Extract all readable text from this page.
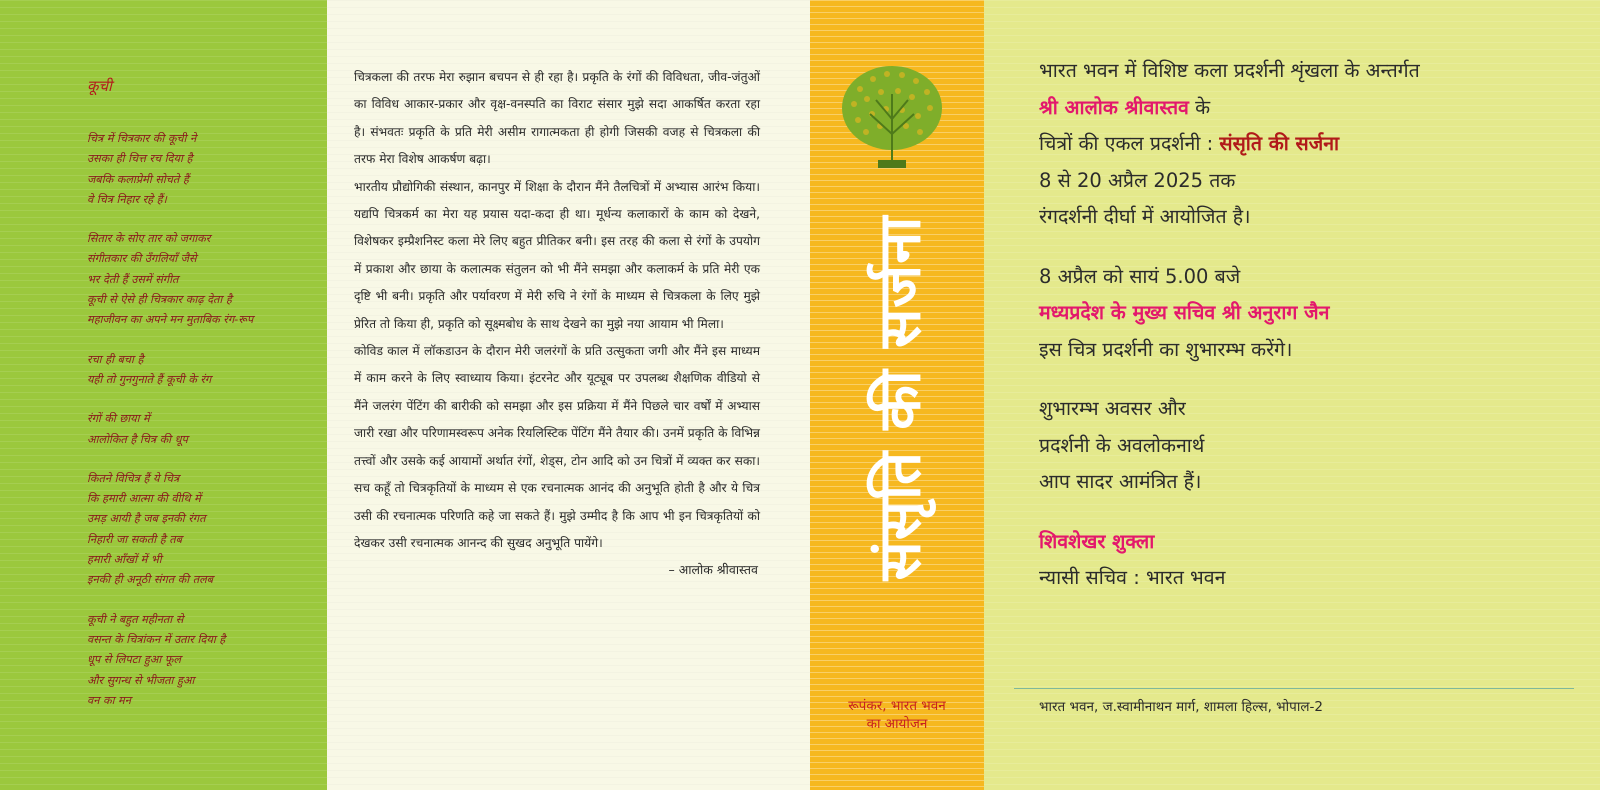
कूची
चित्र में चित्रकार की कूची ने
उसका ही चित्त रच दिया है
जबकि कलाप्रेमी सोचते हैं
वे चित्र निहार रहे हैं।
सितार के सोए तार को जगाकर
संगीतकार की उँगलियाँ जैसे
भर देती हैं उसमें संगीत
कूची से ऐसे ही चित्रकार काढ़ देता है
महाजीवन का अपने मन मुताबिक रंग-रूप
रचा ही बचा है
यही तो गुनगुनाते हैं कूची के रंग
रंगों की छाया में
आलोकित है चित्र की धूप
कितने विचित्र हैं ये चित्र
कि हमारी आत्मा की वीथि में
उमड़ आयी है जब इनकी रंगत
निहारी जा सकती है तब
हमारी आँखों में भी
इनकी ही अनूठी संगत की तलब
कूची ने बहुत महीनता से
वसन्त के चित्रांकन में उतार दिया है
धूप से लिपटा हुआ फूल
और सुगन्ध से भीजता हुआ
वन का मन

चित्रकला की तरफ मेरा रुझान बचपन से ही रहा है। प्रकृति के रंगों की विविधता, जीव-जंतुओं का विविध आकार-प्रकार और वृक्ष-वनस्पति का विराट संसार मुझे सदा आकर्षित करता रहा है। संभवतः प्रकृति के प्रति मेरी असीम रागात्मकता ही होगी जिसकी वजह से चित्रकला की तरफ मेरा विशेष आकर्षण बढ़ा।

भारतीय प्रौद्योगिकी संस्थान, कानपुर में शिक्षा के दौरान मैंने तैलचित्रों में अभ्यास आरंभ किया। यद्यपि चित्रकर्म का मेरा यह प्रयास यदा-कदा ही था। मूर्धन्य कलाकारों के काम को देखने, विशेषकर इम्प्रैशनिस्ट कला मेरे लिए बहुत प्रीतिकर बनी। इस तरह की कला से रंगों के उपयोग में प्रकाश और छाया के कलात्मक संतुलन को भी मैंने समझा और कलाकर्म के प्रति मेरी एक दृष्टि भी बनी। प्रकृति और पर्यावरण में मेरी रुचि ने रंगों के माध्यम से चित्रकला के लिए मुझे प्रेरित तो किया ही, प्रकृति को सूक्ष्मबोध के साथ देखने का मुझे नया आयाम भी मिला।

कोविड काल में लॉकडाउन के दौरान मेरी जलरंगों के प्रति उत्सुकता जगी और मैंने इस माध्यम में काम करने के लिए स्वाध्याय किया। इंटरनेट और यूट्यूब पर उपलब्ध शैक्षणिक वीडियो से मैंने जलरंग पेंटिंग की बारीकी को समझा और इस प्रक्रिया में मैंने पिछले चार वर्षों में अभ्यास जारी रखा और परिणामस्वरूप अनेक रियलिस्टिक पेंटिंग मैंने तैयार की। उनमें प्रकृति के विभिन्न तत्त्वों और उसके कई आयामों अर्थात रंगों, शेड्स, टोन आदि को उन चित्रों में व्यक्त कर सका। सच कहूँ तो चित्रकृतियों के माध्यम से एक रचनात्मक आनंद की अनुभूति होती है और ये चित्र उसी की रचनात्मक परिणति कहे जा सकते हैं। मुझे उम्मीद है कि आप भी इन चित्रकृतियों को देखकर उसी रचनात्मक आनन्द की सुखद अनुभूति पायेंगे।

– आलोक श्रीवास्तव संसृति की सर्जना
रूपंकर, भारत भवन
का आयोजन
भारत भवन में विशिष्ट कला प्रदर्शनी शृंखला के अन्तर्गत
श्री आलोक श्रीवास्तव के
चित्रों की एकल प्रदर्शनी : संसृति की सर्जना
8 से 20 अप्रैल 2025 तक
रंगदर्शनी दीर्घा में आयोजित है।
8 अप्रैल को सायं 5.00 बजे
मध्यप्रदेश के मुख्य सचिव श्री अनुराग जैन
इस चित्र प्रदर्शनी का शुभारम्भ करेंगे।
शुभारम्भ अवसर और
प्रदर्शनी के अवलोकनार्थ
आप सादर आमंत्रित हैं।
शिवशेखर शुक्ला
न्यासी सचिव : भारत भवन
भारत भवन, ज.स्वामीनाथन मार्ग, शामला हिल्स, भोपाल-2
